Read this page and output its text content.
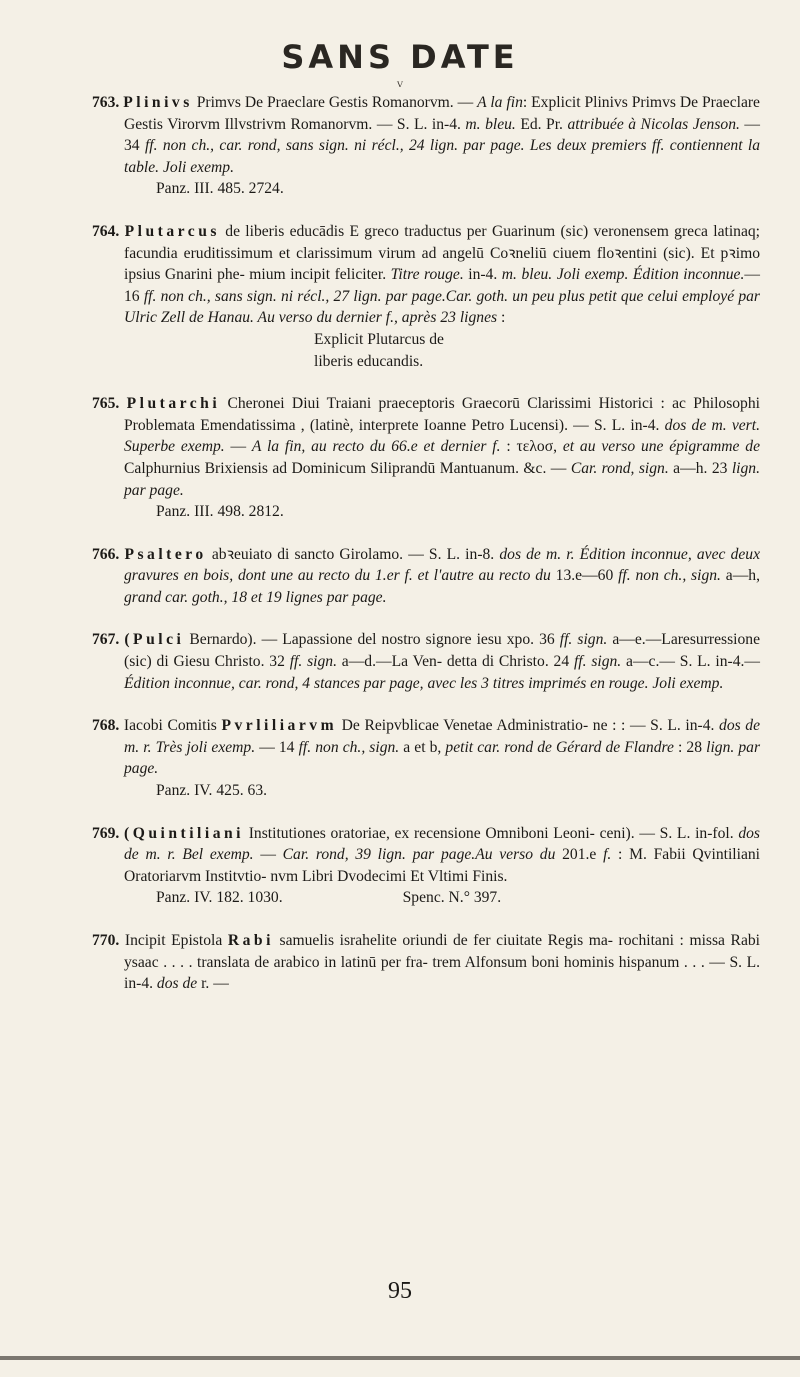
SANS DATE
ⱽ

763. Plinivs Primvs De Praeclare Gestis Romanorvm. — A la fin: Explicit Plinivs Primvs De Praeclare Gestis Virorvm Illvstrivm Romanorvm. — S. L. in-4. m. bleu. Ed. Pr. attribuée à Nicolas Jenson. — 34 ff. non ch., car. rond, sans sign. ni récl., 24 lign. par page. Les deux premiers ff. contiennent la table. Joli exemp.
Panz. III. 485. 2724.

764. Plutarcus de liberis educādis E greco traductus per Guarinum (sic) veronensem greca latinaq; facundia eruditissimum et clarissimum virum ad angelū Coꝛneliū ciuem floꝛentini (sic). Et pꝛimo ipsius Gnarini phe- mium incipit feliciter. Titre rouge. in-4. m. bleu. Joli exemp. Édition inconnue.—16 ff. non ch., sans sign. ni récl., 27 lign. par page.Car. goth. un peu plus petit que celui employé par Ulric Zell de Hanau. Au verso du dernier f., après 23 lignes :
Explicit Plutarcus de
liberis educandis.

765. Plutarchi Cheronei Diui Traiani praeceptoris Graecorū Clarissimi Historici : ac Philosophi Problemata Emendatissima , (latinè, interprete Ioanne Petro Lucensi). — S. L. in-4. dos de m. vert. Superbe exemp. — A la fin, au recto du 66.e et dernier f. : τελοσ, et au verso une épigramme de Calphurnius Brixiensis ad Dominicum Siliprandū Mantuanum. &c. — Car. rond, sign. a—h. 23 lign. par page.
Panz. III. 498. 2812.

766. Psaltero abꝛeuiato di sancto Girolamo. — S. L. in-8. dos de m. r. Édition inconnue, avec deux gravures en bois, dont une au recto du 1.er f. et l'autre au recto du 13.e—60 ff. non ch., sign. a—h, grand car. goth., 18 et 19 lignes par page.

767. (Pulci Bernardo). — Lapassione del nostro signore iesu xpo. 36 ff. sign. a—e.—Laresurressione (sic) di Giesu Christo. 32 ff. sign. a—d.—La Ven- detta di Christo. 24 ff. sign. a—c.— S. L. in-4.—Édition inconnue, car. rond, 4 stances par page, avec les 3 titres imprimés en rouge. Joli exemp.

768. Iacobi Comitis Pvrliliarvm De Reipvblicae Venetae Administratio- ne : : — S. L. in-4. dos de m. r. Très joli exemp. — 14 ff. non ch., sign. a et b, petit car. rond de Gérard de Flandre : 28 lign. par page.
Panz. IV. 425. 63.

769. (Quintiliani Institutiones oratoriae, ex recensione Omniboni Leoni- ceni). — S. L. in-fol. dos de m. r. Bel exemp. — Car. rond, 39 lign. par page.Au verso du 201.e f. : M. Fabii Qvintiliani Oratoriarvm Institvtio- nvm Libri Dvodecimi Et Vltimi Finis.
Panz. IV. 182. 1030.	Spenc. N.° 397.

770. Incipit Epistola Rabi samuelis israhelite oriundi de fer ciuitate Regis ma- rochitani : missa Rabi ysaac . . . . translata de arabico in latinū per fra- trem Alfonsum boni hominis hispanum . . . — S. L. in-4. dos de r. —

95
